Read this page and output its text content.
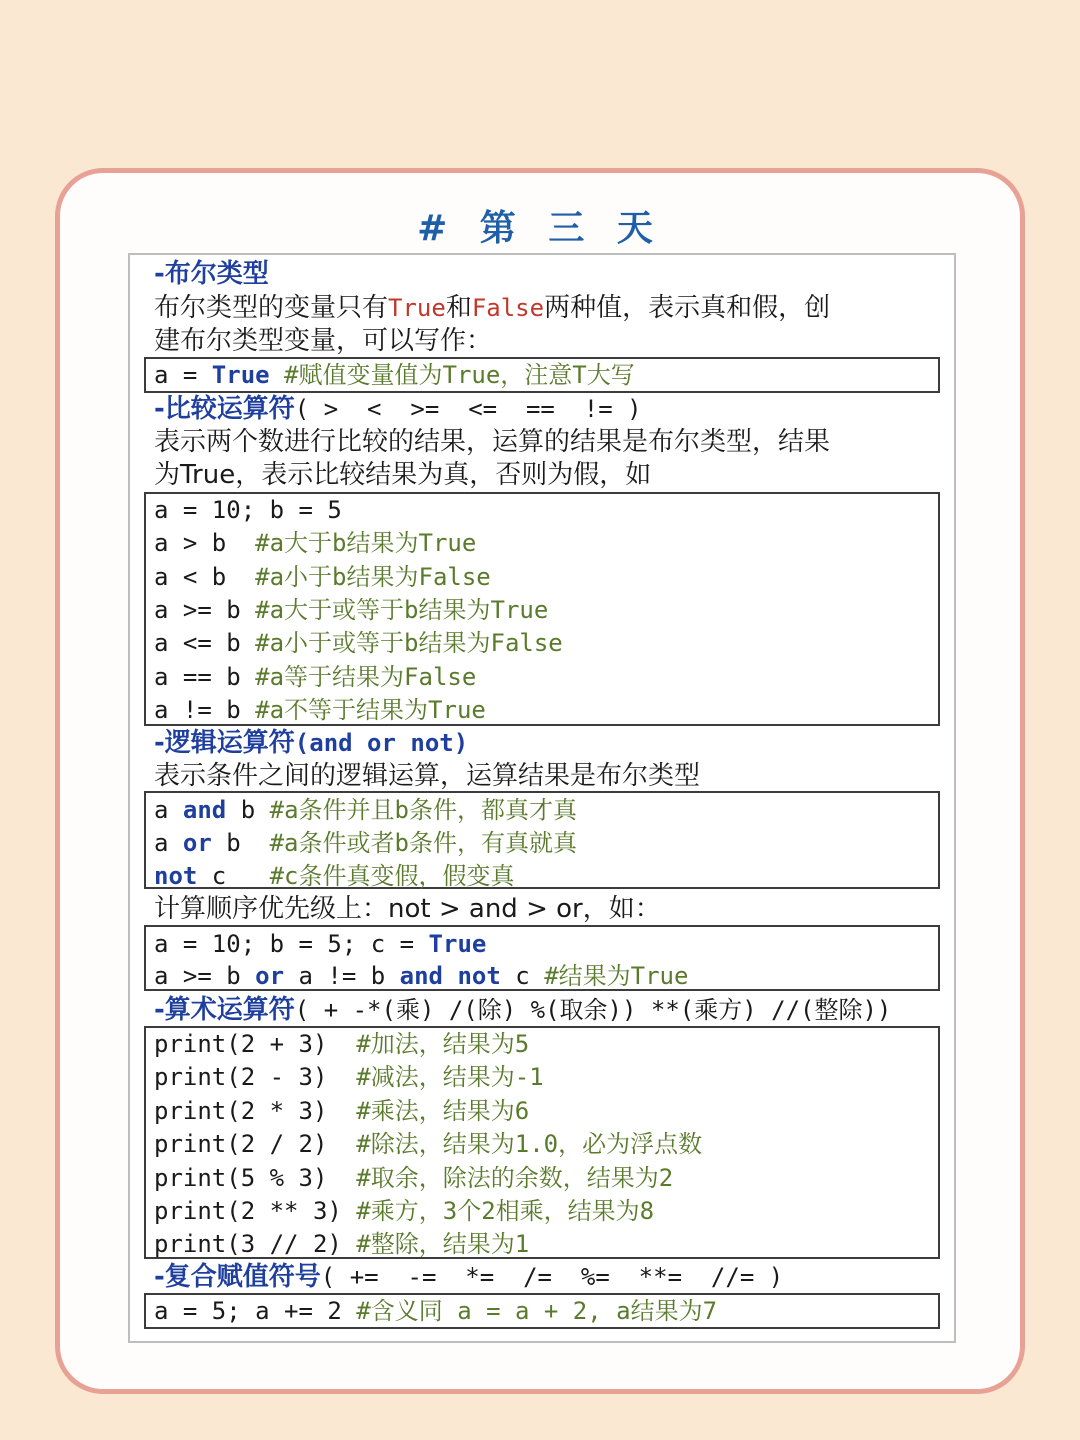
# 第 三 天
-布尔类型
布尔类型的变量只有True和False两种值，表示真和假，创
建布尔类型变量，可以写作：
a = True #赋值变量值为True，注意T大写
-比较运算符( >  <  >=  <=  ==  != )
表示两个数进行比较的结果，运算的结果是布尔类型，结果
为True，表示比较结果为真，否则为假，如
a = 10; b = 5
a > b  #a大于b结果为True
a < b  #a小于b结果为False
a >= b #a大于或等于b结果为True
a <= b #a小于或等于b结果为False
a == b #a等于结果为False
a != b #a不等于结果为True
-逻辑运算符(and or not)
表示条件之间的逻辑运算，运算结果是布尔类型
a and b #a条件并且b条件，都真才真
a or b  #a条件或者b条件，有真就真
not c   #c条件真变假，假变真
计算顺序优先级上：not > and > or，如：
a = 10; b = 5; c = True
a >= b or a != b and not c #结果为True
-算术运算符( + -*(乘) /(除) %(取余)) **(乘方) //(整除))
print(2 + 3)  #加法，结果为5
print(2 - 3)  #减法，结果为-1
print(2 * 3)  #乘法，结果为6
print(2 / 2)  #除法，结果为1.0，必为浮点数
print(5 % 3)  #取余，除法的余数，结果为2
print(2 ** 3) #乘方，3个2相乘，结果为8
print(3 // 2) #整除，结果为1
-复合赋值符号( +=  -=  *=  /=  %=  **=  //= )
a = 5; a += 2 #含义同 a = a + 2, a结果为7
